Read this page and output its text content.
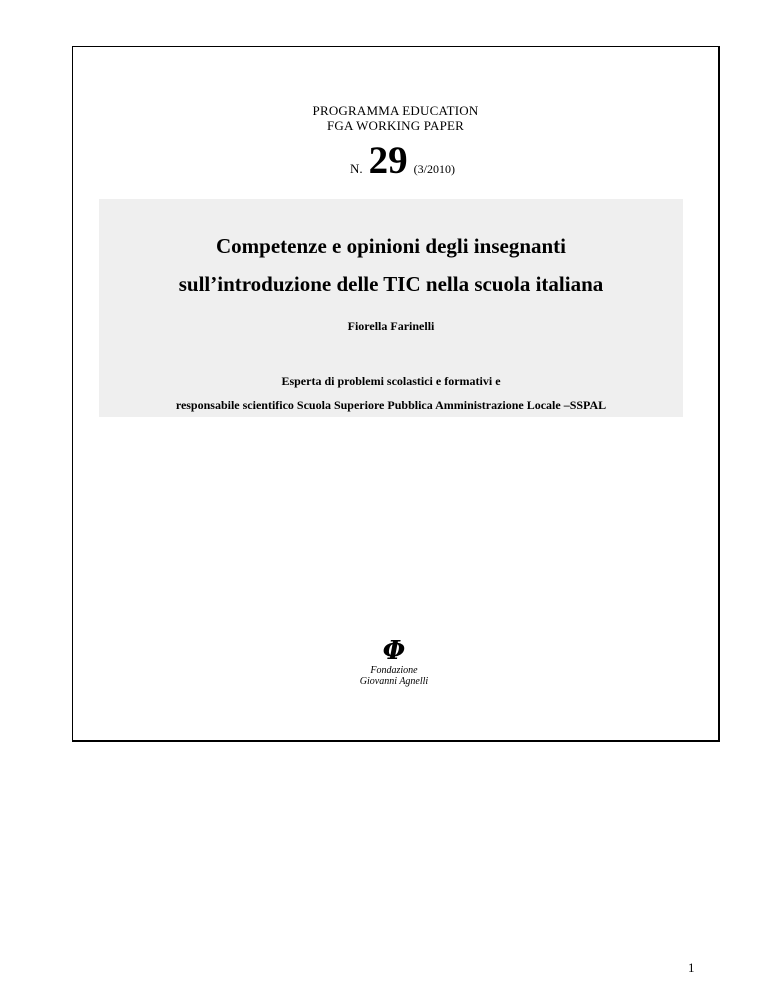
PROGRAMMA EDUCATION
FGA WORKING PAPER
N. 29 (3/2010)
Competenze e opinioni degli insegnanti
sull’introduzione delle TIC nella scuola italiana
Fiorella Farinelli
Esperta di problemi scolastici e formativi e
responsabile scientifico Scuola Superiore Pubblica Amministrazione Locale –SSPAL
Φ
Fondazione
Giovanni Agnelli
1
